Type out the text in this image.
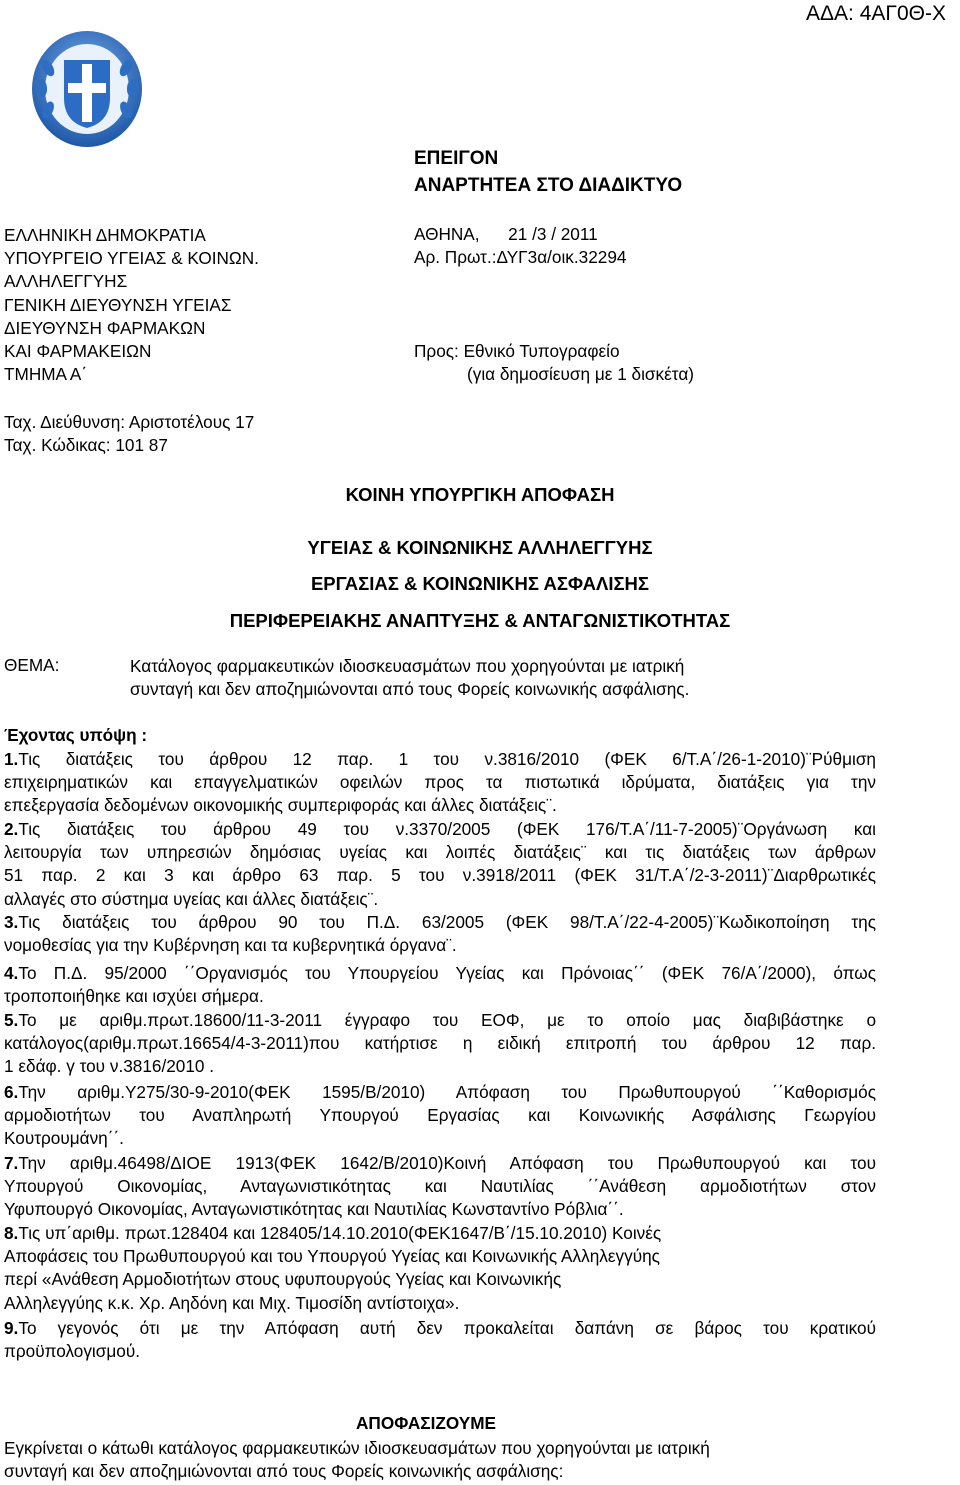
ΑΔΑ: 4ΑΓ0Θ-Χ
ΕΠΕΙΓΟΝ
ΑΝΑΡΤΗΤΕΑ ΣΤΟ ΔΙΑΔΙΚΤΥΟ
ΕΛΛΗΝΙΚΗ ΔΗΜΟΚΡΑΤΙΑ
ΥΠΟΥΡΓΕΙΟ ΥΓΕΙΑΣ & ΚΟΙΝΩΝ.
ΑΛΛΗΛΕΓΓΥΗΣ
ΓΕΝΙΚΗ ΔΙΕΥΘΥΝΣΗ ΥΓΕΙΑΣ
ΔΙΕΥΘΥΝΣΗ ΦΑΡΜΑΚΩΝ
ΚΑΙ ΦΑΡΜΑΚΕΙΩΝ
ΤΜΗΜΑ Α΄
ΑΘΗΝΑ,      21 /3 / 2011
Αρ. Πρωτ.:ΔΥΓ3α/οικ.32294
Προς: Εθνικό Τυπογραφείο
(για δημοσίευση με 1 δισκέτα)
Ταχ. Διεύθυνση: Αριστοτέλους 17
Ταχ. Κώδικας: 101 87
ΚΟΙΝΗ ΥΠΟΥΡΓΙΚΗ ΑΠΟΦΑΣΗ
ΥΓΕΙΑΣ & ΚΟΙΝΩΝΙΚΗΣ ΑΛΛΗΛΕΓΓΥΗΣ
ΕΡΓΑΣΙΑΣ & ΚΟΙΝΩΝΙΚΗΣ ΑΣΦΑΛΙΣΗΣ
ΠΕΡΙΦΕΡΕΙΑΚΗΣ ΑΝΑΠΤΥΞΗΣ & ΑΝΤΑΓΩΝΙΣΤΙΚΟΤΗΤΑΣ
ΘΕΜΑ:	Κατάλογος φαρμακευτικών ιδιοσκευασμάτων που χορηγούνται με ιατρική
συνταγή και δεν αποζημιώνονται από τους Φορείς κοινωνικής ασφάλισης.
Έχοντας υπόψη :
1.Τις διατάξεις του άρθρου 12 παρ. 1 του ν.3816/2010 (ΦΕΚ 6/Τ.Α΄/26-1-2010)¨Ρύθμιση
επιχειρηματικών και επαγγελματικών οφειλών προς τα πιστωτικά ιδρύματα, διατάξεις για την
επεξεργασία δεδομένων οικονομικής συμπεριφοράς και άλλες διατάξεις¨.
2.Τις διατάξεις του άρθρου 49 του ν.3370/2005 (ΦΕΚ 176/Τ.Α΄/11-7-2005)¨Οργάνωση και
λειτουργία των υπηρεσιών δημόσιας υγείας και λοιπές διατάξεις¨ και τις διατάξεις των άρθρων
51 παρ. 2 και 3 και άρθρο 63 παρ. 5 του ν.3918/2011 (ΦΕΚ 31/Τ.Α΄/2-3-2011)¨Διαρθρωτικές
αλλαγές στο σύστημα υγείας και άλλες διατάξεις¨.
3.Τις διατάξεις του άρθρου 90 του Π.Δ. 63/2005 (ΦΕΚ 98/Τ.Α΄/22-4-2005)¨Κωδικοποίηση της
νομοθεσίας για την Κυβέρνηση και τα κυβερνητικά όργανα¨.
4.Το Π.Δ. 95/2000 ΄΄Οργανισμός του Υπουργείου Υγείας και Πρόνοιας΄΄ (ΦΕΚ 76/Α΄/2000), όπως
τροποποιήθηκε και ισχύει σήμερα.
5.Το με αριθμ.πρωτ.18600/11-3-2011 έγγραφο του ΕΟΦ, με το οποίο μας διαβιβάστηκε ο
κατάλογος(αριθμ.πρωτ.16654/4-3-2011)που κατήρτισε η ειδική επιτροπή του άρθρου 12 παρ.
1 εδάφ. γ του ν.3816/2010 .
6.Την αριθμ.Υ275/30-9-2010(ΦΕΚ 1595/Β/2010) Απόφαση του Πρωθυπουργού ΄΄Καθορισμός
αρμοδιοτήτων του Αναπληρωτή Υπουργού Εργασίας και Κοινωνικής Ασφάλισης Γεωργίου
Κουτρουμάνη΄΄.
7.Την αριθμ.46498/ΔΙΟΕ 1913(ΦΕΚ 1642/Β/2010)Κοινή Απόφαση του Πρωθυπουργού και του
Υπουργού Οικονομίας, Ανταγωνιστικότητας και Ναυτιλίας ΄΄Ανάθεση αρμοδιοτήτων στον
Υφυπουργό Οικονομίας, Ανταγωνιστικότητας και Ναυτιλίας Κωνσταντίνο Ρόβλια΄΄.
8.Τις υπ΄αριθμ. πρωτ.128404 και 128405/14.10.2010(ΦΕΚ1647/Β΄/15.10.2010) Κοινές
Αποφάσεις του Πρωθυπουργού και του Υπουργού Υγείας και Κοινωνικής Αλληλεγγύης
περί «Ανάθεση Αρμοδιοτήτων στους υφυπουργούς Υγείας και Κοινωνικής
Αλληλεγγύης κ.κ. Χρ. Αηδόνη και Μιχ. Τιμοσίδη αντίστοιχα».
9.Το γεγονός ότι με την Απόφαση αυτή δεν προκαλείται δαπάνη σε βάρος του κρατικού
προϋπολογισμού.
ΑΠΟΦΑΣΙΖΟΥΜΕ
Εγκρίνεται ο κάτωθι κατάλογος φαρμακευτικών ιδιοσκευασμάτων που χορηγούνται με ιατρική
συνταγή και δεν αποζημιώνονται από τους Φορείς κοινωνικής ασφάλισης:
